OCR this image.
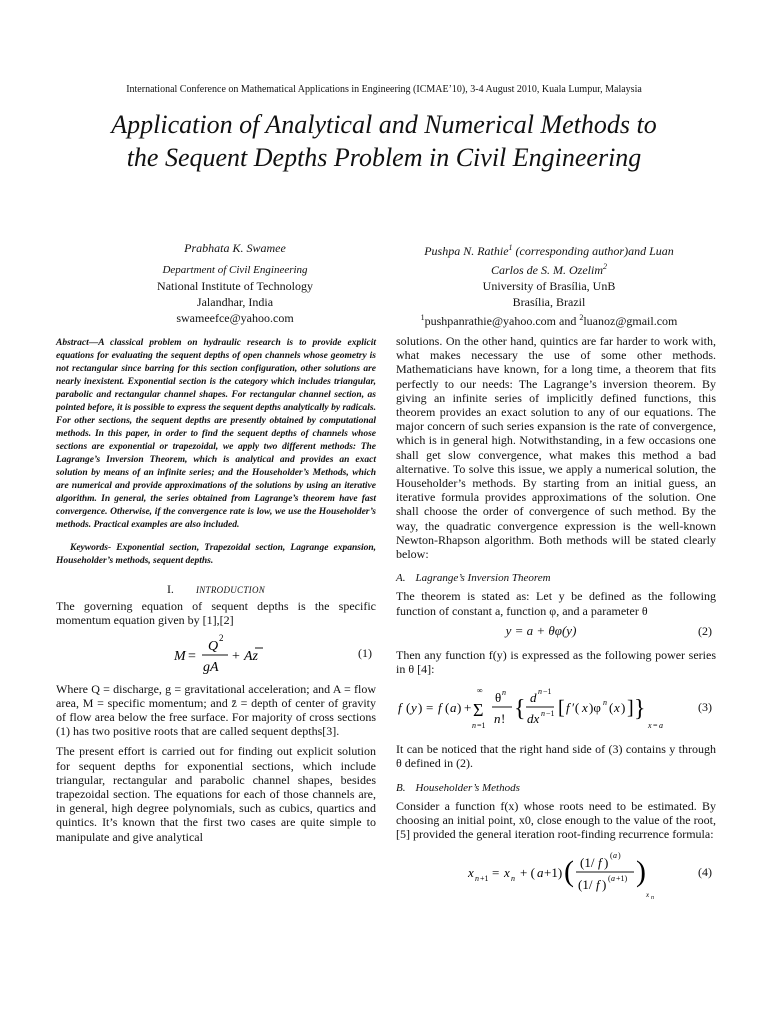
International Conference on Mathematical Applications in Engineering (ICMAE’10), 3-4 August 2010, Kuala Lumpur, Malaysia
Application of Analytical and Numerical Methods to
the Sequent Depths Problem in Civil Engineering
Prabhata K. Swamee
Department of Civil Engineering
National Institute of Technology
Jalandhar, India
swameefce@yahoo.com
Pushpa N. Rathie$^1$ (corresponding author)and Luan
Carlos de S. M. Ozelim$^2$
University of Brasília, UnB
Brasília, Brazil
$^1$pushpanrathie@yahoo.com and $^2$luanoz@gmail.com

Abstract—A classical problem on hydraulic research is to provide explicit equations for evaluating the sequent depths of open channels whose geometry is not rectangular since barring for this section configuration, other solutions are nearly inexistent. Exponential section is the category which includes triangular, parabolic and rectangular channel shapes. For rectangular channel section, as pointed before, it is possible to express the sequent depths analytically by radicals. For other sections, the sequent depths are presently obtained by computational methods. In this paper, in order to find the sequent depths of channels whose sections are exponential or trapezoidal, we apply two different methods: The Lagrange’s Inversion Theorem, which is analytical and provides an exact solution by means of an infinite series; and the Householder’s Methods, which are numerical and provide approximations of the solutions by using an iterative algorithm. In general, the series obtained from Lagrange’s theorem have fast convergence. Otherwise, if the convergence rate is low, we use the Householder’s methods. Practical examples are also included.

Keywords- Exponential section, Trapezoidal section, Lagrange expansion, Householder’s methods, sequent depths.

I. INTRODUCTION

The governing equation of sequent depths is the specific momentum equation given by [1],[2]

M =
Q
2
gA
+ Az	(1)

Where Q = discharge, g = gravitational acceleration; and A = flow area, M = specific momentum; and z̄ = depth of center of gravity of flow area below the free surface. For majority of cross sections (1) has two positive roots that are called sequent depths[3].

The present effort is carried out for finding out explicit solution for sequent depths for exponential sections, which include triangular, rectangular and parabolic channel shapes, besides trapezoidal section. The equations for each of those channels are, in general, high degree polynomials, such as cubics, quartics and quintics. It’s known that the first two cases are quite simple to manipulate and give analytical

solutions. On the other hand, quintics are far harder to work with, what makes necessary the use of some other methods. Mathematicians have known, for a long time, a theorem that fits perfectly to our needs: The Lagrange’s inversion theorem. By giving an infinite series of implicitly defined functions, this theorem provides an exact solution to any of our equations. The major concern of such series expansion is the rate of convergence, which is in general high. Notwithstanding, in a few occasions one shall get slow convergence, what makes this method a bad alternative. To solve this issue, we apply a numerical solution, the Householder’s methods. By starting from an initial guess, an iterative formula provides approximations of the solution. One shall choose the order of convergence of such method. By the way, the quadratic convergence expression is the well-known Newton-Rhapson algorithm. Both methods will be stated clearly below:

A. Lagrange’s Inversion Theorem

The theorem is stated as: Let y be defined as the following function of constant a, function φ, and a parameter θ

y = a + θφ(y)	(2)

Then any function f(y) is expressed as the following power series in θ [4]:

f ( y ) = f ( a ) +
∞
Σ
n =1
θ n
n ! { d n −1
dx n −1 [ f ′( x )φ n ( x ) ] }
x = a
(3)

It can be noticed that the right hand side of (3) contains y through θ defined in (2).

B. Householder’s Methods

Consider a function f(x) whose roots need to be estimated. By choosing an initial point, x0, close enough to the value of the root, [5] provided the general iteration root-finding recurrence formula:

x n +1 = x n + ( a +1) ( (1/ f ) ( a )
(1/ f ) ( a +1) )
x n
(4)
